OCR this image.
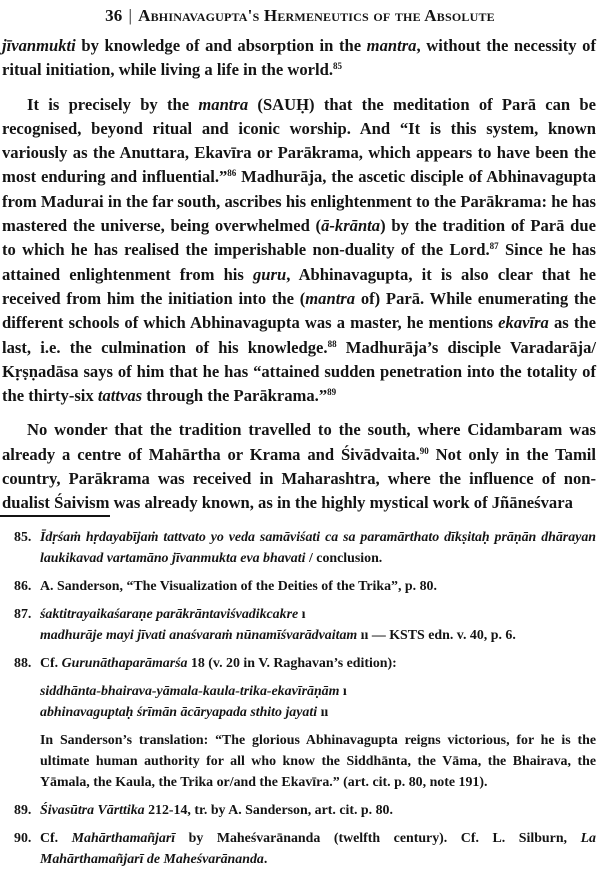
36 | Abhinavagupta's Hermeneutics of the Absolute

jīvanmukti by knowledge of and absorption in the mantra, without the necessity of ritual initiation, while living a life in the world.$^{85}$

It is precisely by the mantra (SAUḤ) that the meditation of Parā can be recognised, beyond ritual and iconic worship. And “It is this system, known variously as the Anuttara, Ekavīra or Parākrama, which appears to have been the most enduring and influential.”$^{86}$ Madhurāja, the ascetic disciple of Abhinavagupta from Madurai in the far south, ascribes his enlightenment to the Parākrama: he has mastered the universe, being overwhelmed (ā-krānta) by the tradition of Parā due to which he has realised the imperishable non-duality of the Lord.$^{87}$ Since he has attained enlightenment from his guru, Abhinavagupta, it is also clear that he received from him the initiation into the (mantra of) Parā. While enumerating the different schools of which Abhinavagupta was a master, he mentions ekavīra as the last, i.e. the culmination of his knowledge.$^{88}$ Madhurāja’s disciple Varadarāja/ Kṛṣṇadāsa says of him that he has “attained sudden penetration into the totality of the thirty-six tattvas through the Parākrama.”$^{89}$

No wonder that the tradition travelled to the south, where Cidambaram was already a centre of Mahārtha or Krama and Śivādvaita.$^{90}$ Not only in the Tamil country, Parākrama was received in Maharashtra, where the influence of non-dualist Śaivism was already known, as in the highly mystical work of Jñāneśvara

85. Īdṛśaṁ hṛdayabījaṁ tattvato yo veda samāviśati ca sa paramārthato dīkṣitaḥ prāṇān dhārayan laukikavad vartamāno jīvanmukta eva bhavati / conclusion.
86. A. Sanderson, “The Visualization of the Deities of the Trika”, p. 80.
87. śaktitrayaikaśaraṇe parākrāntaviśvadikcakre ı
madhurāje mayi jīvati anaśvaraṁ nūnamīśvarādvaitam ıı — KSTS edn. v. 40, p. 6.
88. Cf. Gurunāthaparāmarśa 18 (v. 20 in V. Raghavan’s edition):
siddhānta-bhairava-yāmala-kaula-trika-ekavīrāṇām ı
abhinavaguptaḥ śrīmān ācāryapada sthito jayati ıı
In Sanderson’s translation: “The glorious Abhinavagupta reigns victorious, for he is the ultimate human authority for all who know the Siddhānta, the Vāma, the Bhairava, the Yāmala, the Kaula, the Trika or/and the Ekavīra.” (art. cit. p. 80, note 191).
89. Śivasūtra Vārttika 212-14, tr. by A. Sanderson, art. cit. p. 80.
90. Cf. Mahārthamañjarī by Maheśvarānanda (twelfth century). Cf. L. Silburn, La Mahārthamañjarī de Maheśvarānanda.
